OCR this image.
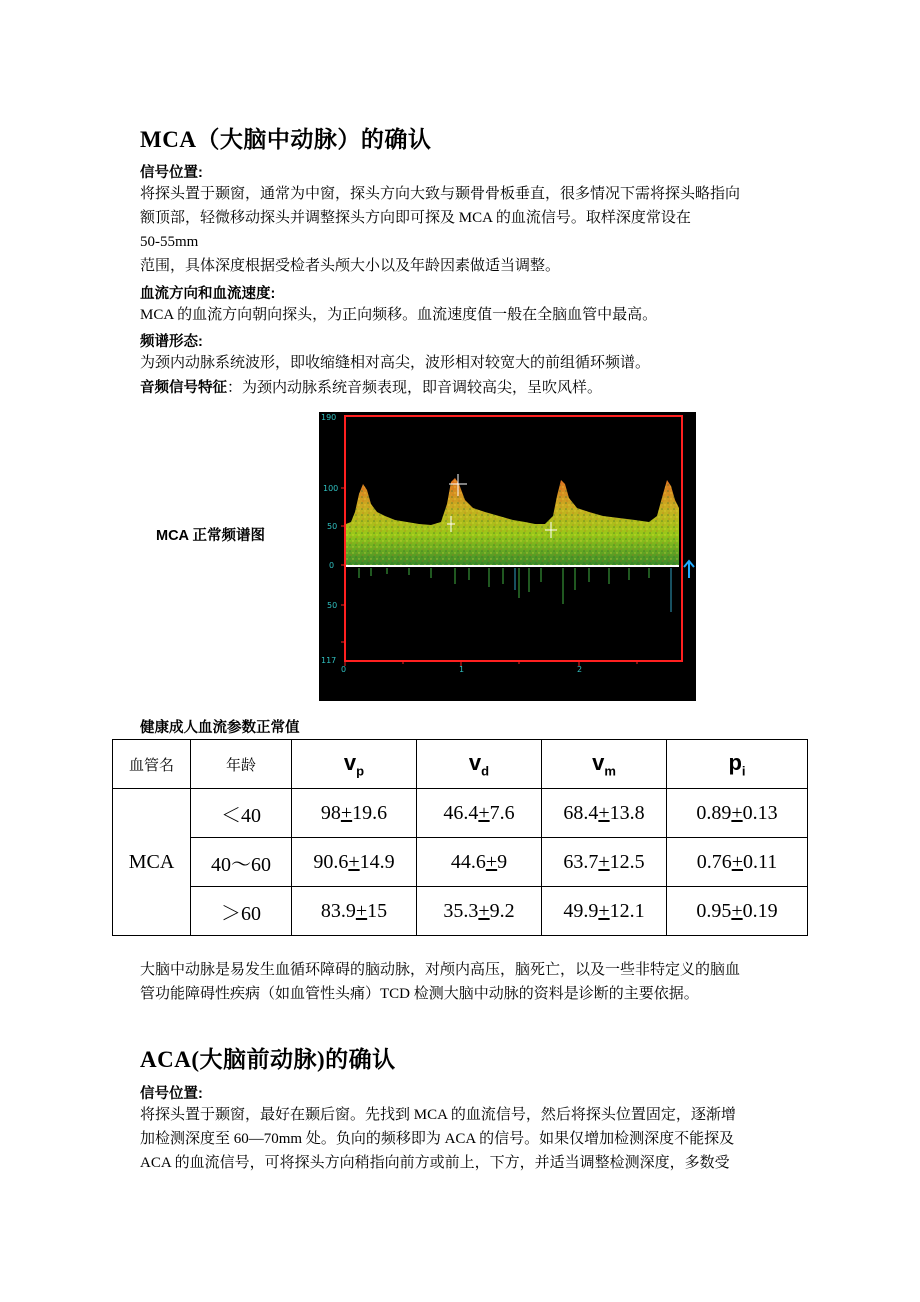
MCA（大脑中动脉）的确认
信号位置:
将探头置于颞窗，通常为中窗，探头方向大致与颞骨骨板垂直，很多情况下需将探头略指向
额顶部，轻微移动探头并调整探头方向即可探及 MCA 的血流信号。取样深度常设在
50-55mm
范围，具体深度根据受检者头颅大小以及年龄因素做适当调整。
血流方向和血流速度:
MCA 的血流方向朝向探头，为正向频移。血流速度值一般在全脑血管中最高。
频谱形态:
为颈内动脉系统波形，即收缩缝相对高尖，波形相对较宽大的前组循环频谱。
音频信号特征：为颈内动脉系统音频表现，即音调较高尖，呈吹风样。
MCA 正常频谱图
190
100
50
0
50
117
0	1	2
健康成人血流参数正常值
血管名	年龄	$v_p$	$v_d$	$v_m$	$p_i$
MCA	＜40	98+19.6	46.4+7.6	68.4+13.8	0.89+0.13
	40～60	90.6+14.9	44.6+9	63.7+12.5	0.76+0.11
	＞60	83.9+15	35.3+9.2	49.9+12.1	0.95+0.19
大脑中动脉是易发生血循环障碍的脑动脉，对颅内高压，脑死亡，以及一些非特定义的脑血
管功能障碍性疾病（如血管性头痛）TCD 检测大脑中动脉的资料是诊断的主要依据。
ACA(大脑前动脉)的确认
信号位置:
将探头置于颞窗，最好在颞后窗。先找到 MCA 的血流信号，然后将探头位置固定，逐渐增
加检测深度至 60—70mm 处。负向的频移即为 ACA 的信号。如果仅增加检测深度不能探及
ACA 的血流信号，可将探头方向稍指向前方或前上，下方，并适当调整检测深度，多数受
